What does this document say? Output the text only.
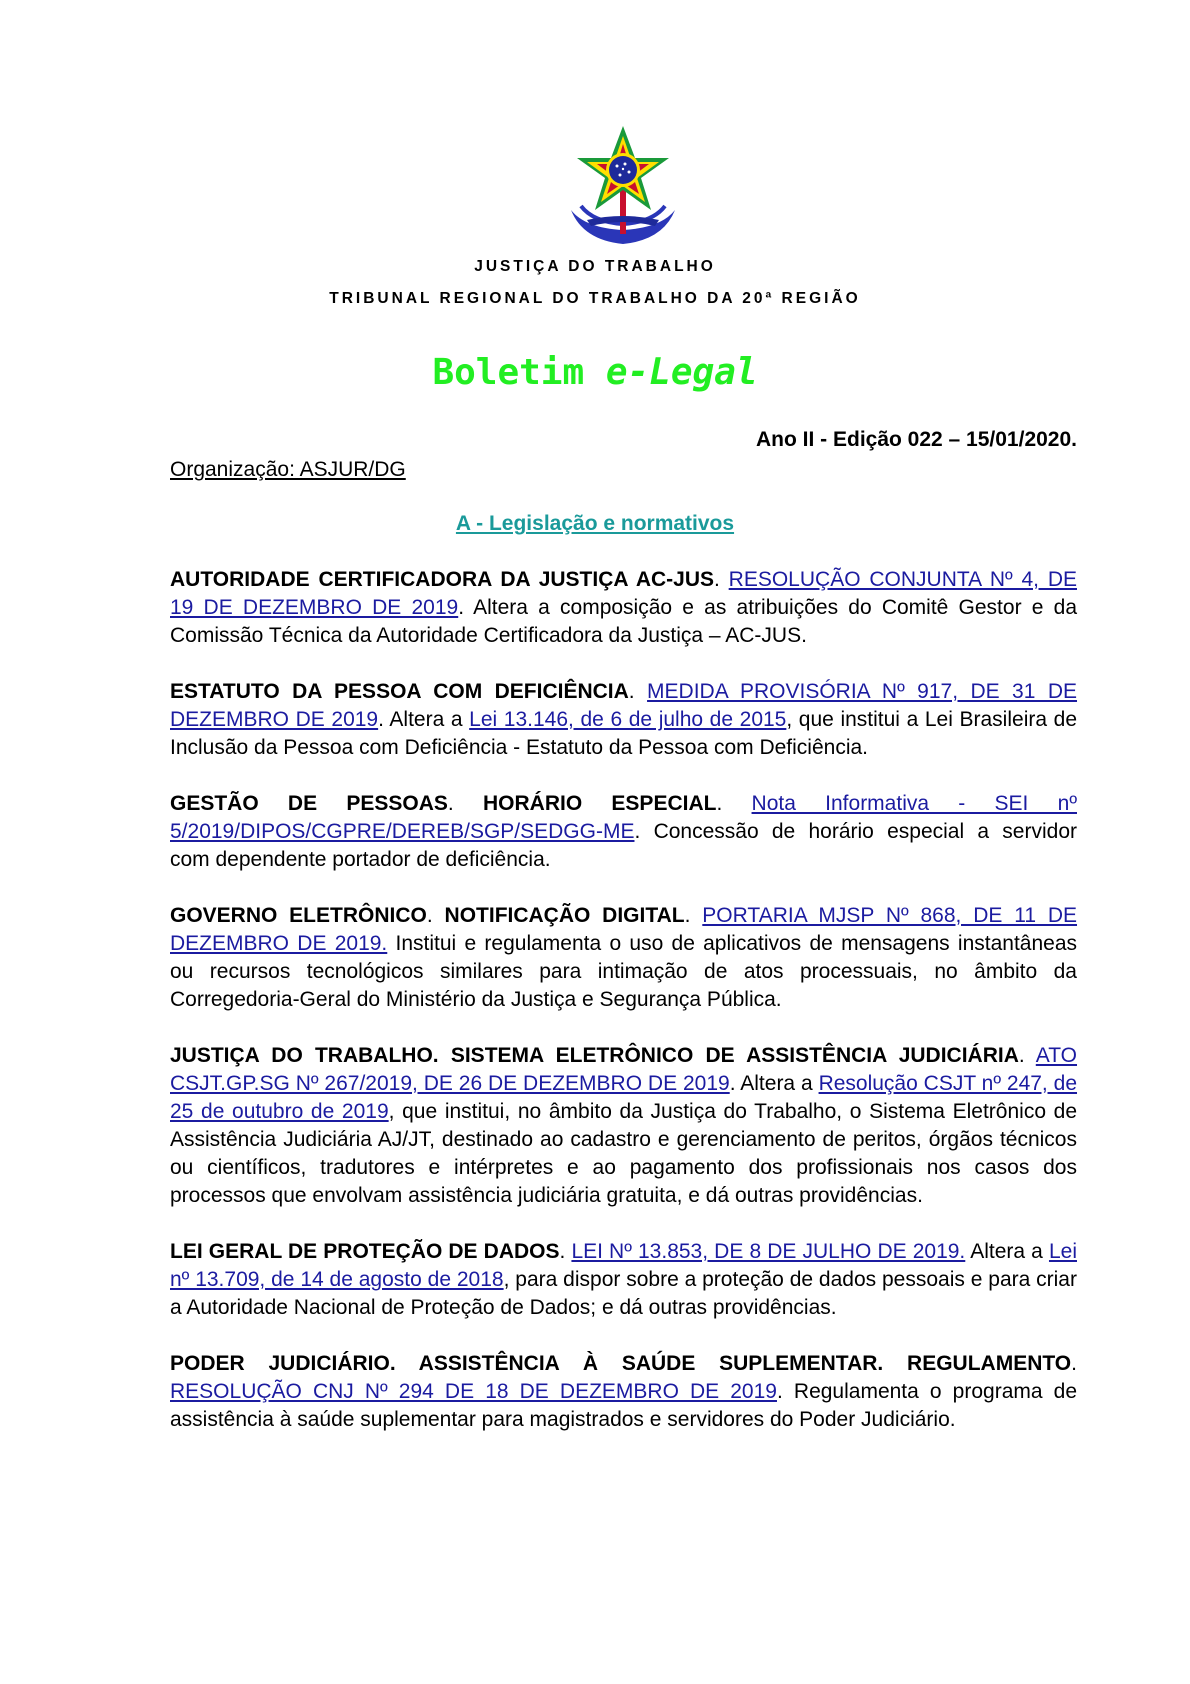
JUSTIÇA DO TRABALHO
TRIBUNAL REGIONAL DO TRABALHO DA 20ª REGIÃO
Boletim e-Legal
Ano II - Edição 022 – 15/01/2020.
Organização: ASJUR/DG
A - Legislação e normativos

AUTORIDADE CERTIFICADORA DA JUSTIÇA AC-JUS. RESOLUÇÃO CONJUNTA Nº 4, DE 19 DE DEZEMBRO DE 2019. Altera a composição e as atribuições do Comitê Gestor e da Comissão Técnica da Autoridade Certificadora da Justiça – AC-JUS.

ESTATUTO DA PESSOA COM DEFICIÊNCIA. MEDIDA PROVISÓRIA Nº 917, DE 31 DE DEZEMBRO DE 2019. Altera a Lei 13.146, de 6 de julho de 2015, que institui a Lei Brasileira de Inclusão da Pessoa com Deficiência - Estatuto da Pessoa com Deficiência.

GESTÃO DE PESSOAS. HORÁRIO ESPECIAL. Nota Informativa - SEI nº 5/2019/DIPOS/CGPRE/DEREB/SGP/SEDGG-ME. Concessão de horário especial a servidor com dependente portador de deficiência.

GOVERNO ELETRÔNICO. NOTIFICAÇÃO DIGITAL. PORTARIA MJSP Nº 868, DE 11 DE DEZEMBRO DE 2019. Institui e regulamenta o uso de aplicativos de mensagens instantâneas ou recursos tecnológicos similares para intimação de atos processuais, no âmbito da Corregedoria-Geral do Ministério da Justiça e Segurança Pública.

JUSTIÇA DO TRABALHO. SISTEMA ELETRÔNICO DE ASSISTÊNCIA JUDICIÁRIA. ATO CSJT.GP.SG Nº 267/2019, DE 26 DE DEZEMBRO DE 2019. Altera a Resolução CSJT nº 247, de 25 de outubro de 2019, que institui, no âmbito da Justiça do Trabalho, o Sistema Eletrônico de Assistência Judiciária AJ/JT, destinado ao cadastro e gerenciamento de peritos, órgãos técnicos ou científicos, tradutores e intérpretes e ao pagamento dos profissionais nos casos dos processos que envolvam assistência judiciária gratuita, e dá outras providências.

LEI GERAL DE PROTEÇÃO DE DADOS. LEI Nº 13.853, DE 8 DE JULHO DE 2019. Altera a Lei nº 13.709, de 14 de agosto de 2018, para dispor sobre a proteção de dados pessoais e para criar a Autoridade Nacional de Proteção de Dados; e dá outras providências.

PODER JUDICIÁRIO. ASSISTÊNCIA À SAÚDE SUPLEMENTAR. REGULAMENTO. RESOLUÇÃO CNJ Nº 294 DE 18 DE DEZEMBRO DE 2019. Regulamenta o programa de assistência à saúde suplementar para magistrados e servidores do Poder Judiciário.
